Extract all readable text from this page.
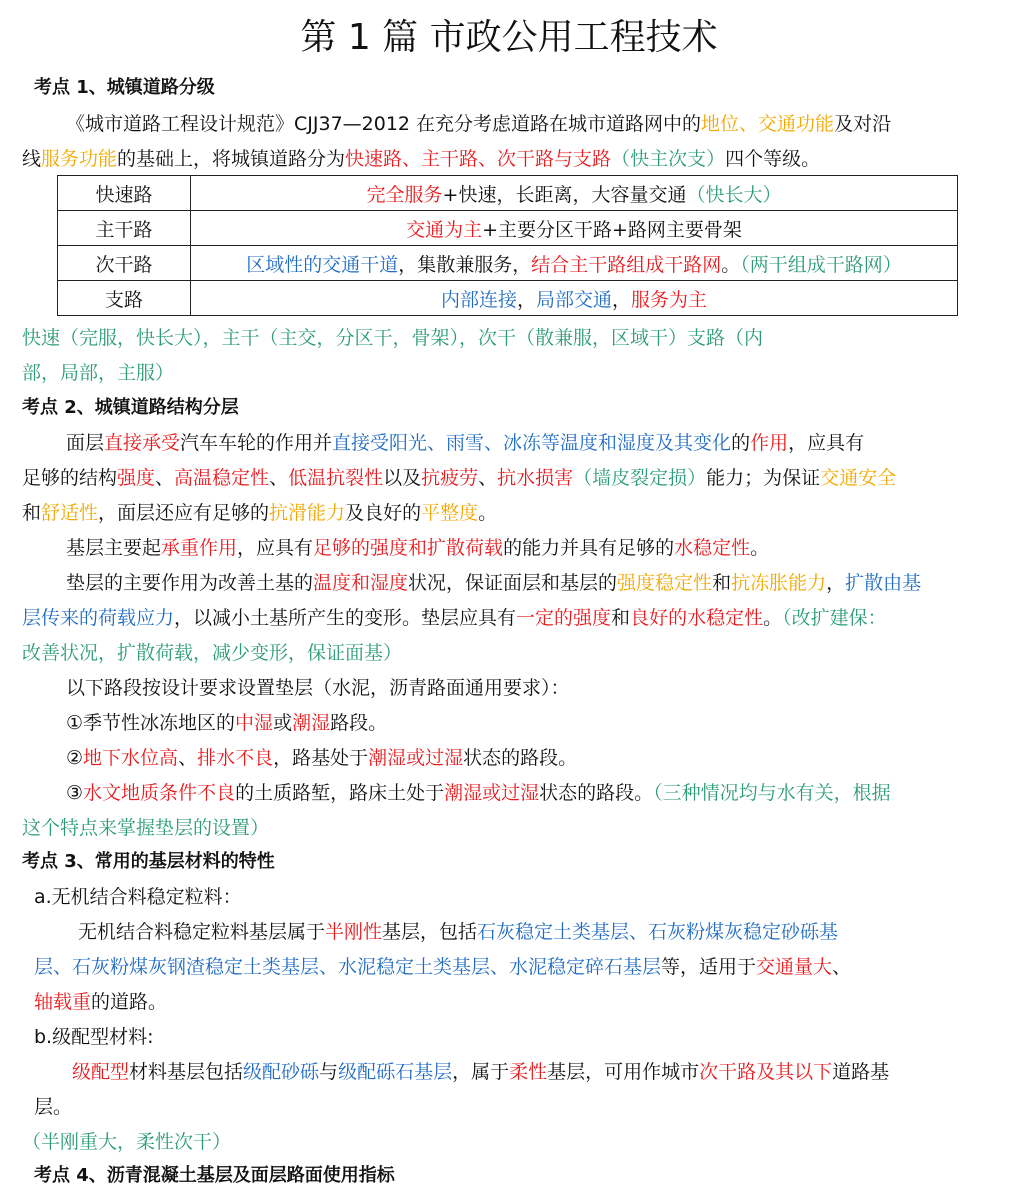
第 1 篇 市政公用工程技术
考点 1、城镇道路分级
《城市道路工程设计规范》CJJ37—2012 在充分考虑道路在城市道路网中的地位、交通功能及对沿
线服务功能的基础上，将城镇道路分为快速路、主干路、次干路与支路（快主次支）四个等级。
快速路	完全服务+快速，长距离，大容量交通（快长大）
主干路	交通为主+主要分区干路+路网主要骨架
次干路	区域性的交通干道，集散兼服务，结合主干路组成干路网。（两干组成干路网）
支路	内部连接，局部交通，服务为主
快速（完服，快长大），主干（主交，分区干，骨架），次干（散兼服，区域干）支路（内
部，局部，主服）
考点 2、城镇道路结构分层
面层直接承受汽车车轮的作用并直接受阳光、雨雪、冰冻等温度和湿度及其变化的作用，应具有
足够的结构强度、高温稳定性、低温抗裂性以及抗疲劳、抗水损害（墙皮裂定损）能力；为保证交通安全
和舒适性，面层还应有足够的抗滑能力及良好的平整度。
基层主要起承重作用，应具有足够的强度和扩散荷载的能力并具有足够的水稳定性。
垫层的主要作用为改善土基的温度和湿度状况，保证面层和基层的强度稳定性和抗冻胀能力，扩散由基
层传来的荷载应力，以减小土基所产生的变形。垫层应具有一定的强度和良好的水稳定性。（改扩建保：
改善状况，扩散荷载，减少变形，保证面基）
以下路段按设计要求设置垫层（水泥，沥青路面通用要求）：
①季节性冰冻地区的中湿或潮湿路段。
②地下水位高、排水不良，路基处于潮湿或过湿状态的路段。
③水文地质条件不良的土质路堑，路床土处于潮湿或过湿状态的路段。（三种情况均与水有关，根据
这个特点来掌握垫层的设置）
考点 3、常用的基层材料的特性
a.无机结合料稳定粒料：
无机结合料稳定粒料基层属于半刚性基层，包括石灰稳定土类基层、石灰粉煤灰稳定砂砾基
层、石灰粉煤灰钢渣稳定土类基层、水泥稳定土类基层、水泥稳定碎石基层等，适用于交通量大、
轴载重的道路。
b.级配型材料:
级配型材料基层包括级配砂砾与级配砾石基层，属于柔性基层，可用作城市次干路及其以下道路基
层。
（半刚重大，柔性次干）
考点 4、沥青混凝土基层及面层路面使用指标
